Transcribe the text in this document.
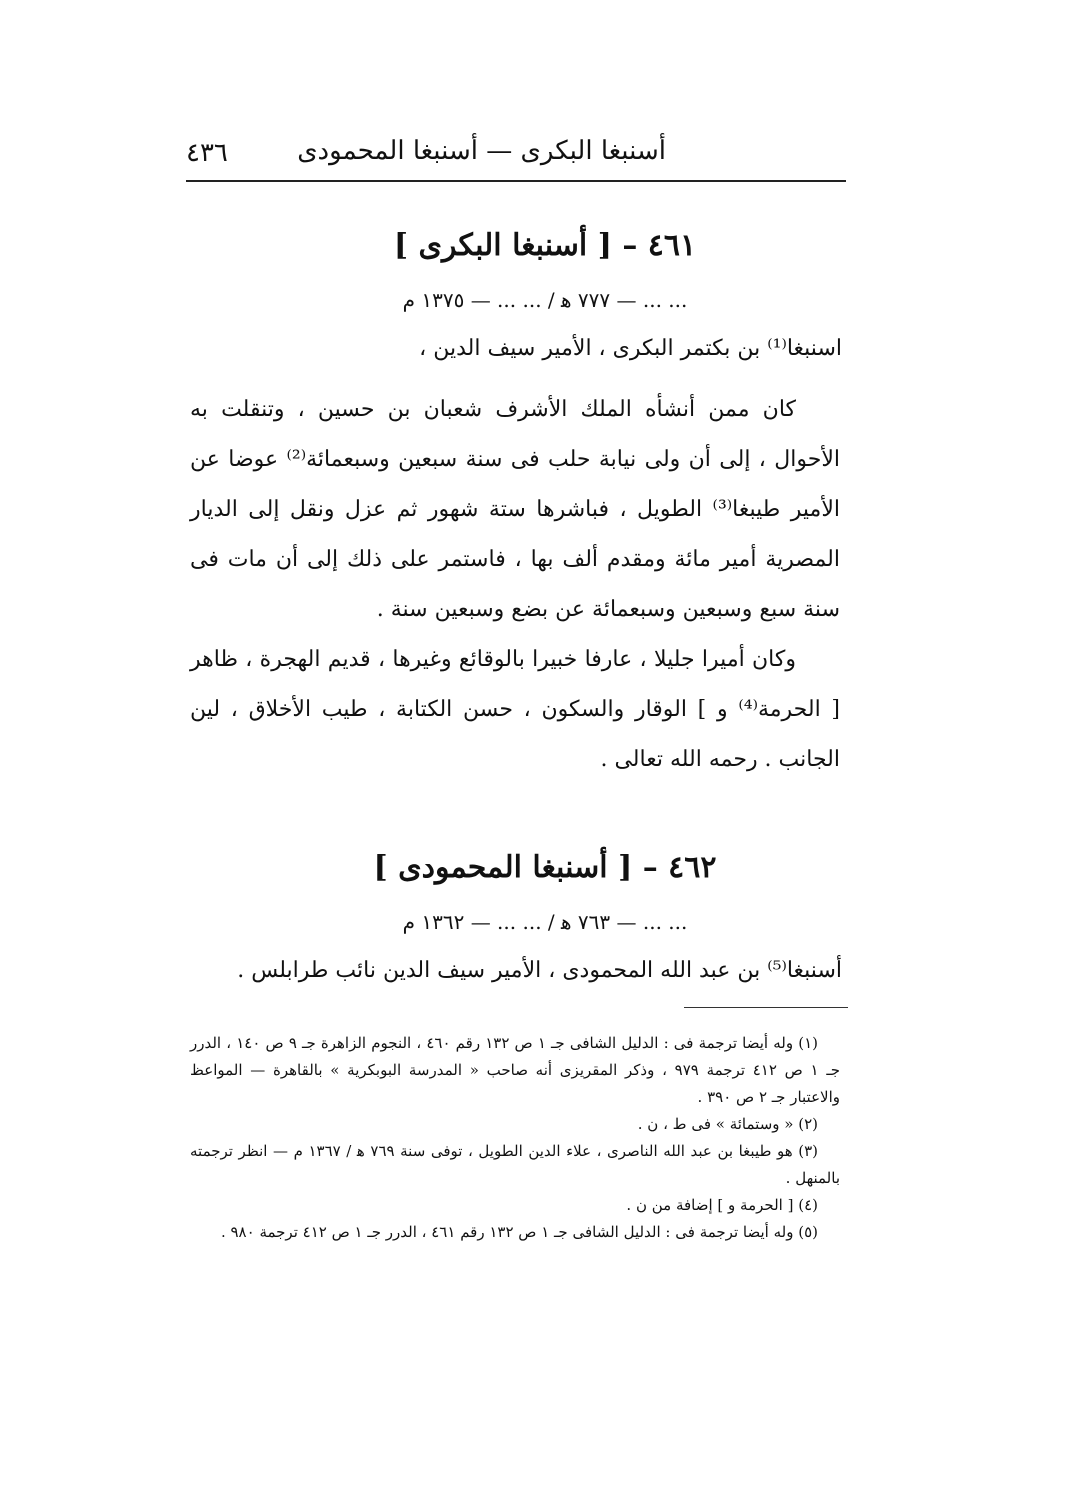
٤٣٦	أسنبغا البكرى — أسنبغا المحمودى
٤٦١ – [ أسنبغا البكرى ]
... ... — ٧٧٧ ﻫ / ... ... — ١٣٧٥ م
اسنبغا⁽¹⁾ بن بكتمر البكرى ، الأمير سيف الدين ،

كان ممن أنشأه الملك الأشرف شعبان بن حسين ، وتنقلت به الأحوال ، إلى أن ولى نيابة حلب فى سنة سبعين وسبعمائة⁽²⁾ عوضا عن الأمير طيبغا⁽³⁾ الطويل ، فباشرها ستة شهور ثم عزل ونقل إلى الديار المصرية أمير مائة ومقدم ألف بها ، فاستمر على ذلك إلى أن مات فى سنة سبع وسبعين وسبعمائة عن بضع وسبعين سنة .

وكان أميرا جليلا ، عارفا خبيرا بالوقائع وغيرها ، قديم الهجرة ، ظاهر [ الحرمة⁽⁴⁾ و ] الوقار والسكون ، حسن الكتابة ، طيب الأخلاق ، لين الجانب . رحمه الله تعالى .

٤٦٢ – [ أسنبغا المحمودى ]
... ... — ٧٦٣ ﻫ / ... ... — ١٣٦٢ م
أسنبغا⁽⁵⁾ بن عبد الله المحمودى ، الأمير سيف الدين نائب طرابلس .

(١) وله أيضا ترجمة فى : الدليل الشافى جـ ١ ص ١٣٢ رقم ٤٦٠ ، النجوم الزاهرة جـ ٩ ص ١٤٠ ، الدرر جـ ١ ص ٤١٢ ترجمة ٩٧٩ ، وذكر المقريزى أنه صاحب « المدرسة البوبكرية » بالقاهرة — المواعظ والاعتبار جـ ٢ ص ٣٩٠ .

(٢) « وستمائة » فى ط ، ن .

(٣) هو طيبغا بن عبد الله الناصرى ، علاء الدين الطويل ، توفى سنة ٧٦٩ ﻫ / ١٣٦٧ م — انظر ترجمته بالمنهل .

(٤) [ الحرمة و ] إضافة من ن .

(٥) وله أيضا ترجمة فى : الدليل الشافى جـ ١ ص ١٣٢ رقم ٤٦١ ، الدرر جـ ١ ص ٤١٢ ترجمة ٩٨٠ .
